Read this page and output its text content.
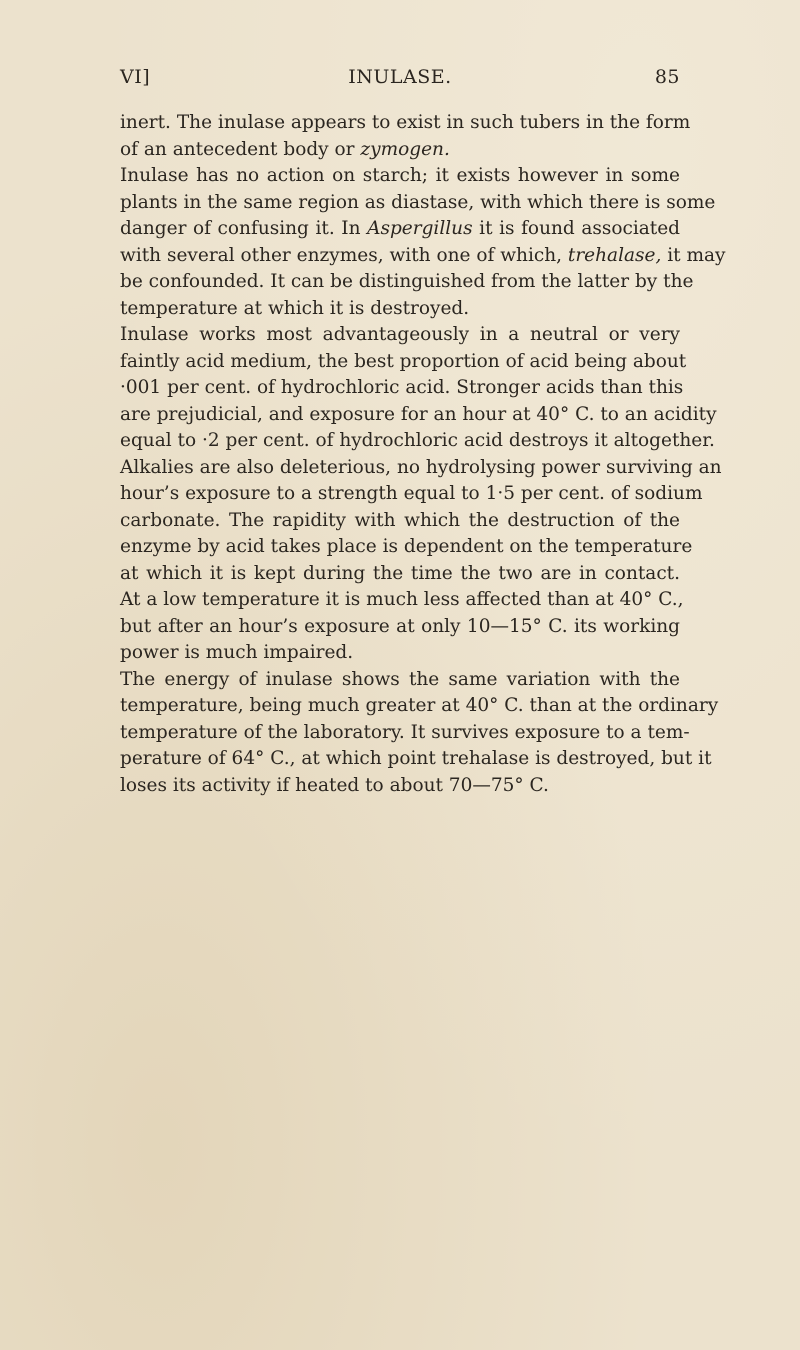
VI]	INULASE.	85
inert. The inulase appears to exist in such tubers in the form
of an antecedent body or zymogen.
Inulase has no action on starch; it exists however in some
plants in the same region as diastase, with which there is some
danger of confusing it. In Aspergillus it is found associated
with several other enzymes, with one of which, trehalase, it may
be confounded. It can be distinguished from the latter by the
temperature at which it is destroyed.
Inulase works most advantageously in a neutral or very
faintly acid medium, the best proportion of acid being about
·001 per cent. of hydrochloric acid. Stronger acids than this
are prejudicial, and exposure for an hour at 40° C. to an acidity
equal to ·2 per cent. of hydrochloric acid destroys it altogether.
Alkalies are also deleterious, no hydrolysing power surviving an
hour’s exposure to a strength equal to 1·5 per cent. of sodium
carbonate. The rapidity with which the destruction of the
enzyme by acid takes place is dependent on the temperature
at which it is kept during the time the two are in contact.
At a low temperature it is much less affected than at 40° C.,
but after an hour’s exposure at only 10—15° C. its working
power is much impaired.
The energy of inulase shows the same variation with the
temperature, being much greater at 40° C. than at the ordinary
temperature of the laboratory. It survives exposure to a tem-
perature of 64° C., at which point trehalase is destroyed, but it
loses its activity if heated to about 70—75° C.
